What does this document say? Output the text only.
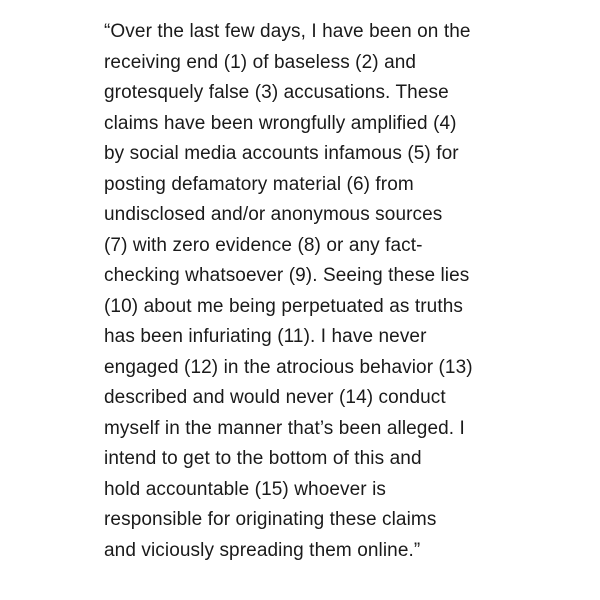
“Over the last few days, I have been on the
receiving end (1) of baseless (2) and
grotesquely false (3) accusations. These
claims have been wrongfully amplified (4)
by social media accounts infamous (5) for
posting defamatory material (6) from
undisclosed and/or anonymous sources
(7) with zero evidence (8) or any fact-
checking whatsoever (9). Seeing these lies
(10) about me being perpetuated as truths
has been infuriating (11). I have never
engaged (12) in the atrocious behavior (13)
described and would never (14) conduct
myself in the manner that’s been alleged. I
intend to get to the bottom of this and
hold accountable (15) whoever is
responsible for originating these claims
and viciously spreading them online.”
